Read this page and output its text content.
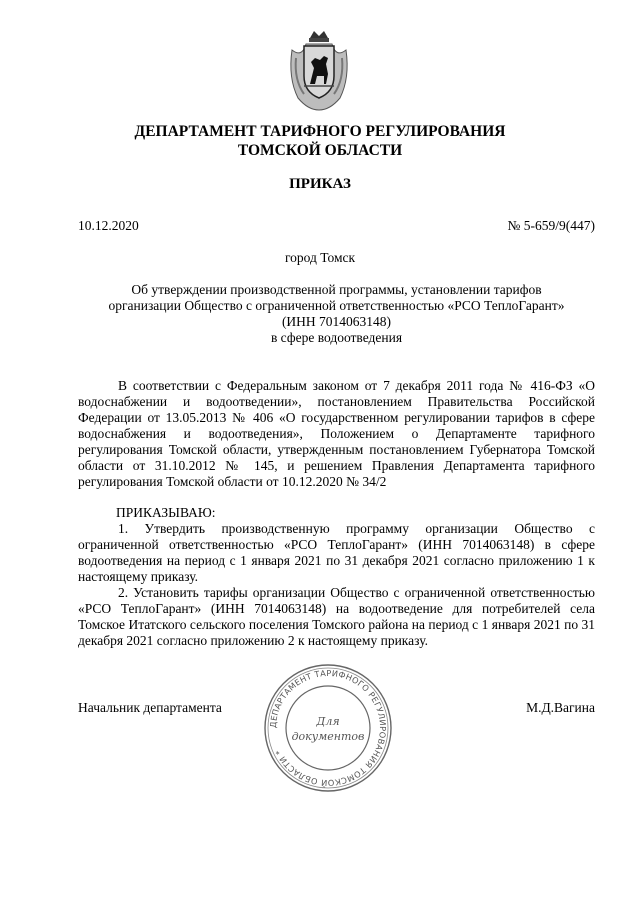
ДЕПАРТАМЕНТ ТАРИФНОГО РЕГУЛИРОВАНИЯ
ТОМСКОЙ ОБЛАСТИ
ПРИКАЗ
10.12.2020	№ 5-659/9(447)
город Томск
Об утверждении производственной программы, установлении тарифов
организации Общество с ограниченной ответственностью «РСО ТеплоГарант»
(ИНН 7014063148)
в сфере водоотведения
В соответствии с Федеральным законом от 7 декабря 2011 года № 416-ФЗ «О водоснабжении и водоотведении», постановлением Правительства Российской Федерации от 13.05.2013 № 406 «О государственном регулировании тарифов в сфере водоснабжения и водоотведения», Положением о Департаменте тарифного регулирования Томской области, утвержденным постановлением Губернатора Томской области от 31.10.2012 № 145, и решением Правления Департамента тарифного регулирования Томской области от 10.12.2020 № 34/2
ПРИКАЗЫВАЮ:
1. Утвердить производственную программу организации Общество с ограниченной ответственностью «РСО ТеплоГарант» (ИНН 7014063148) в сфере водоотведения на период с 1 января 2021 по 31 декабря 2021 согласно приложению 1 к настоящему приказу.
2. Установить тарифы организации Общество с ограниченной ответственностью «РСО ТеплоГарант» (ИНН 7014063148) на водоотведение для потребителей села Томское Итатского сельского поселения Томского района на период с 1 января 2021 по 31 декабря 2021 согласно приложению 2 к настоящему приказу.
Начальник департамента	М.Д.Вагина
ДЕПАРТАМЕНТ ТАРИФНОГО РЕГУЛИРОВАНИЯ ТОМСКОЙ ОБЛАСТИ *
Для
документов
